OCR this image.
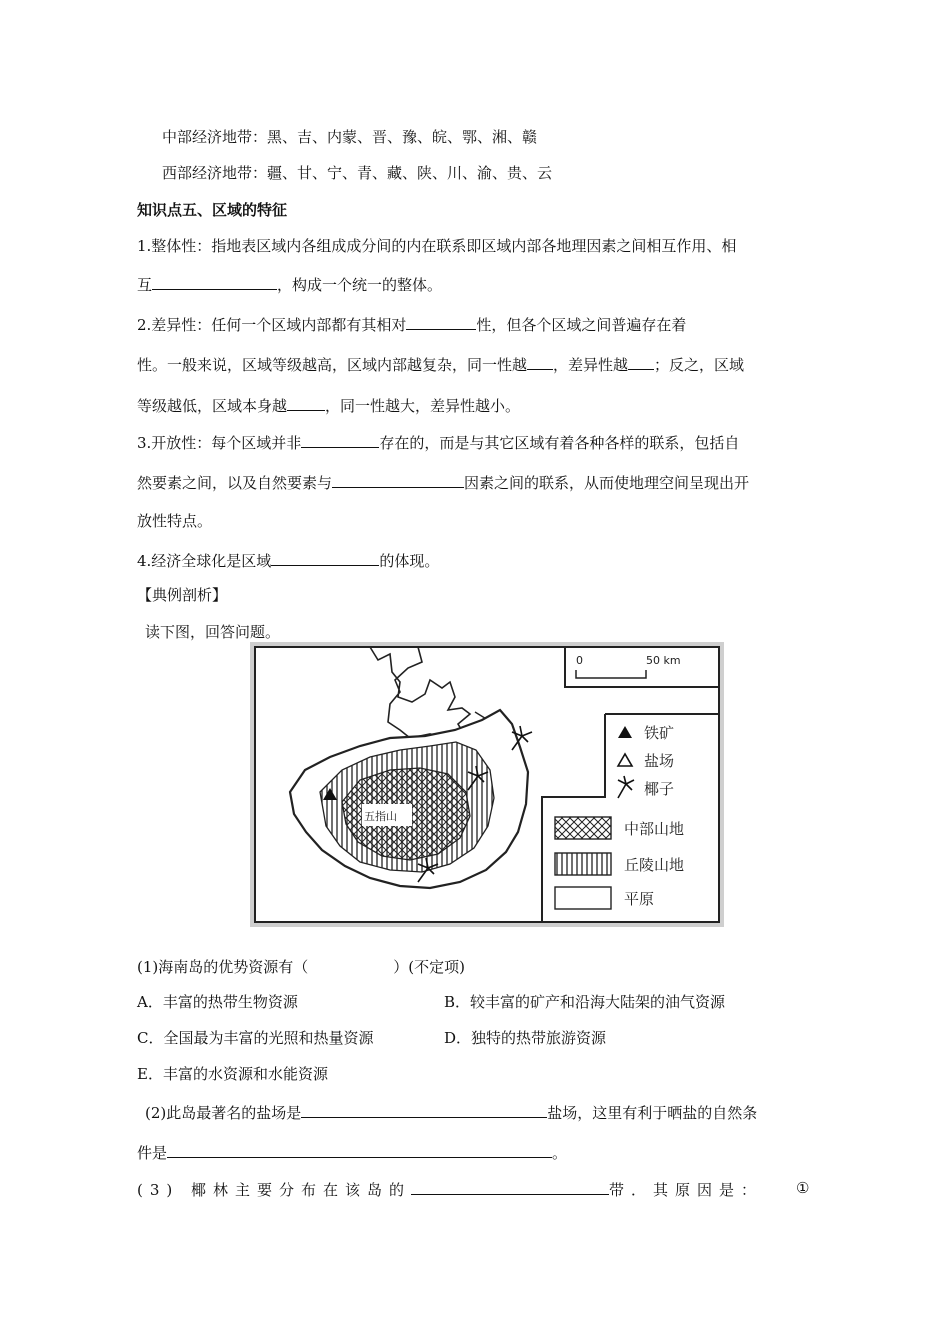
中部经济地带：黑、吉、内蒙、晋、豫、皖、鄂、湘、赣
西部经济地带：疆、甘、宁、青、藏、陕、川、渝、贵、云
知识点五、区域的特征
1.整体性：指地表区域内各组成成分间的内在联系即区域内部各地理因素之间相互作用、相
互	，构成一个统一的整体。
2.差异性：任何一个区域内部都有其相对	性，但各个区域之间普遍存在着
性。一般来说，区域等级越高，区域内部越复杂，同一性越 ，差异性越 ；反之，区域
等级越低，区域本身越	，同一性越大，差异性越小。
3.开放性：每个区域并非	存在的，而是与其它区域有着各种各样的联系，包括自
然要素之间，以及自然要素与	因素之间的联系，从而使地理空间呈现出开
放性特点。
4.经济全球化是区域	的体现。
【典例剖析】
读下图，回答问题。
五指山
0	50 km
铁矿
盐场
椰子
中部山地
丘陵山地
平原
(1)海南岛的优势资源有（	）(不定项)
A．丰富的热带生物资源	B．较丰富的矿产和沿海大陆架的油气资源
C．全国最为丰富的光照和热量资源	D．独特的热带旅游资源
E．丰富的水资源和水能资源
(2)此岛最著名的盐场是	盐场，这里有利于晒盐的自然条
件是	。
(3) 椰林主要分布在该岛的	带．其原因是： ①
